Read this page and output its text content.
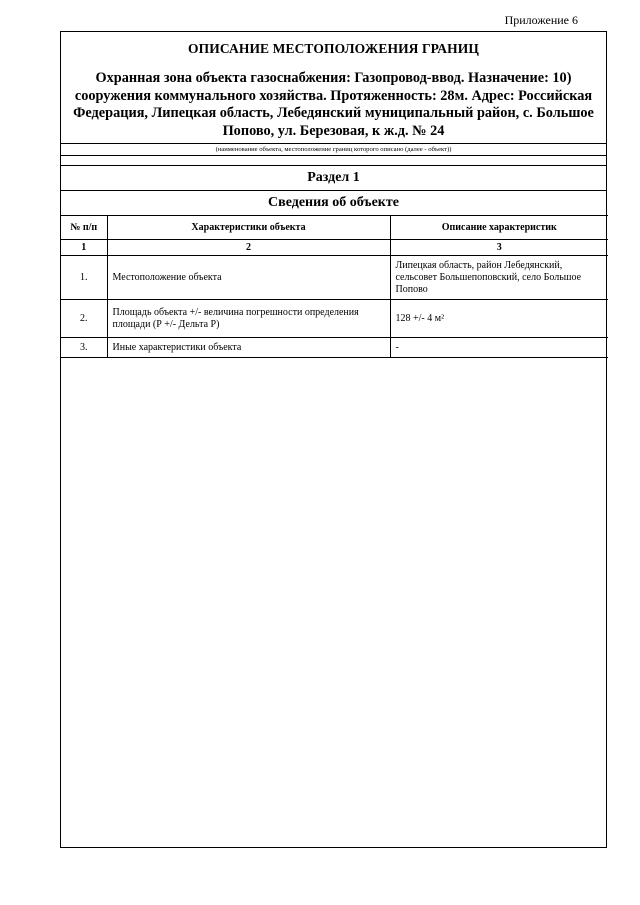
Приложение 6
ОПИСАНИЕ МЕСТОПОЛОЖЕНИЯ ГРАНИЦ
Охранная зона объекта газоснабжения: Газопровод-ввод. Назначение: 10) сооружения коммунального хозяйства. Протяженность: 28м. Адрес: Российская Федерация, Липецкая область, Лебедянский муниципальный район, с. Большое Попово, ул. Березовая, к ж.д. № 24
(наименование объекта, местоположение границ которого описано (далее - объект))
Раздел 1
Сведения об объекте
№ п/п	Характеристики объекта	Описание характеристик
1	2	3
1.	Местоположение объекта	Липецкая область, район Лебедянский, сельсовет Большепоповский, село Большое Попово
2.	Площадь объекта +/- величина погрешности определения площади (Р +/- Дельта Р)	128 +/- 4 м²
3.	Иные характеристики объекта	-
